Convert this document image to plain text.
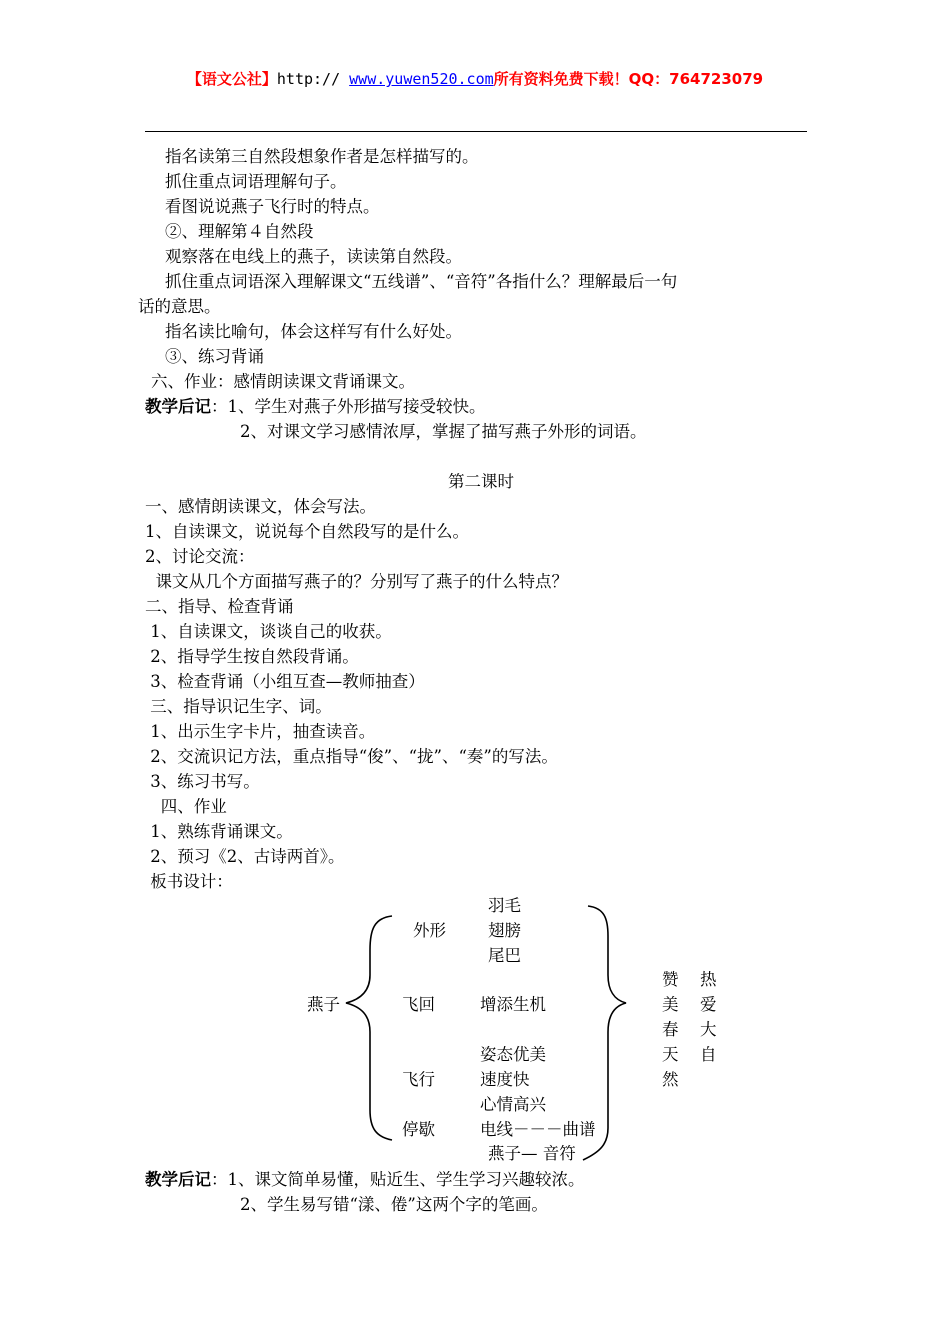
【语文公社】http:// www.yuwen520.com所有资料免费下载！QQ：764723079
指名读第三自然段想象作者是怎样描写的。
抓住重点词语理解句子。
看图说说燕子飞行时的特点。
②、理解第４自然段
观察落在电线上的燕子，读读第自然段。
抓住重点词语深入理解课文“五线谱”、“音符”各指什么？理解最后一句
话的意思。
指名读比喻句，体会这样写有什么好处。
③、练习背诵
六、作业：感情朗读课文背诵课文。
教学后记：1、学生对燕子外形描写接受较快。
2、对课文学习感情浓厚，掌握了描写燕子外形的词语。
第二课时
一、感情朗读课文，体会写法。
1、自读课文，说说每个自然段写的是什么。
2、讨论交流：
课文从几个方面描写燕子的？分别写了燕子的什么特点？
二、指导、检查背诵
1、自读课文，谈谈自己的收获。
2、指导学生按自然段背诵。
3、检查背诵（小组互查—教师抽查）
三、指导识记生字、词。
1、出示生字卡片，抽查读音。
2、交流识记方法，重点指导“俊”、“拢”、“奏”的写法。
3、练习书写。
四、作业
1、熟练背诵课文。
2、预习《2、古诗两首》。
板书设计：
燕子
外形
羽毛
翅膀
尾巴
飞回	增添生机
姿态优美
飞行	速度快
心情高兴
停歇	电线－－－曲谱
燕子— 音符
赞
美
春
天
然
热
爱
大
自
教学后记：1、课文简单易懂，贴近生、学生学习兴趣较浓。
2、学生易写错“漾、倦”这两个字的笔画。
